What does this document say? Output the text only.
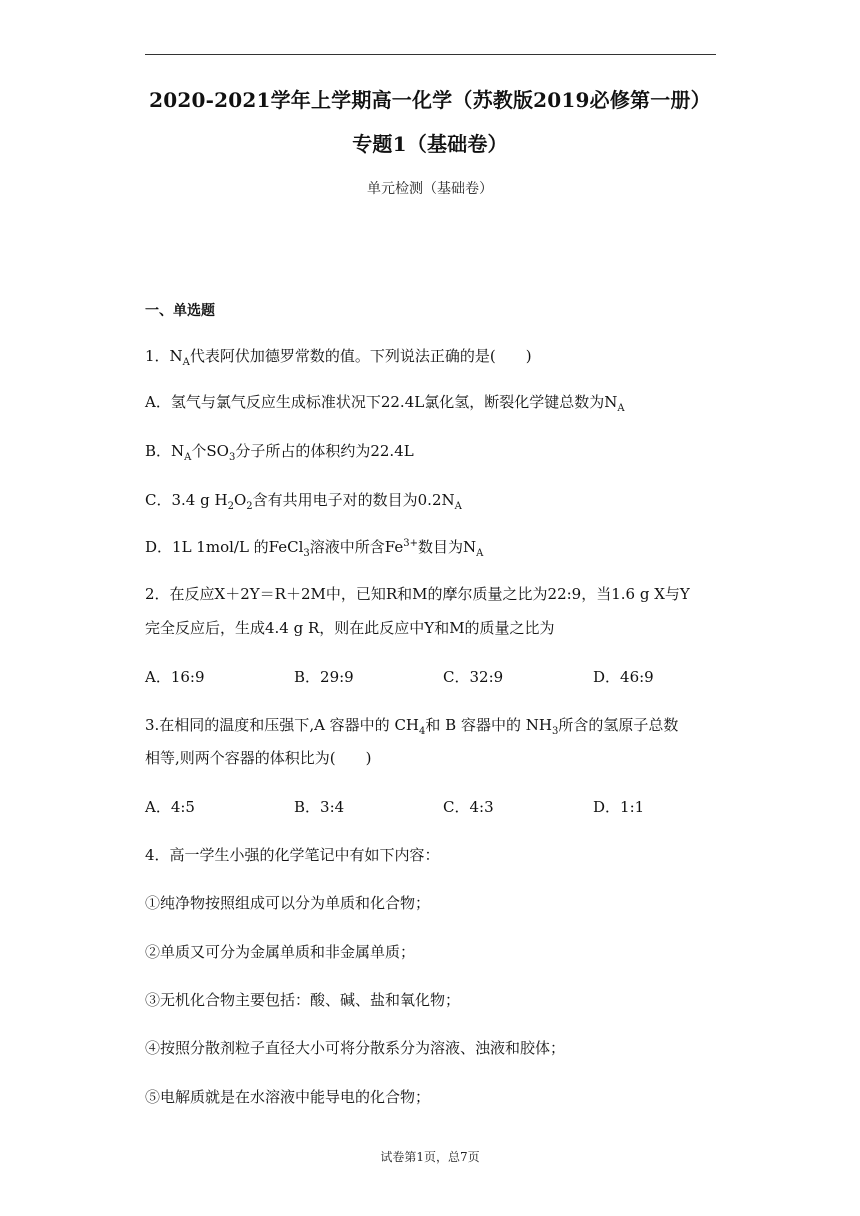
2020-2021学年上学期高一化学（苏教版2019必修第一册）
专题1（基础卷）
单元检测（基础卷）
一、单选题
1．$N_A$代表阿伏加德罗常数的值。下列说法正确的是(　　)
A．氢气与氯气反应生成标准状况下22.4L氯化氢，断裂化学键总数为$N_A$
B．$N_A$个$SO_3$分子所占的体积约为22.4L
C．3.4 g $H_2O_2$含有共用电子对的数目为$0.2N_A$
D．1L 1mol/L 的FeCl$_3$溶液中所含$Fe^{3+}$数目为$N_A$
2．在反应X＋2Y＝R＋2M中，已知R和M的摩尔质量之比为22:9，当1.6 g X与Y
完全反应后，生成4.4 g R，则在此反应中Y和M的质量之比为
A．16:9	B．29:9	C．32:9	D．46:9
3.在相同的温度和压强下,A 容器中的 $CH_4$和 B 容器中的 $NH_3$所含的氢原子总数
相等,则两个容器的体积比为(　　)
A．4:5	B．3:4	C．4:3	D．1:1
4．高一学生小强的化学笔记中有如下内容：
①纯净物按照组成可以分为单质和化合物；
②单质又可分为金属单质和非金属单质；
③无机化合物主要包括：酸、碱、盐和氧化物；
④按照分散剂粒子直径大小可将分散系分为溶液、浊液和胶体；
⑤电解质就是在水溶液中能导电的化合物；
试卷第1页，总7页
